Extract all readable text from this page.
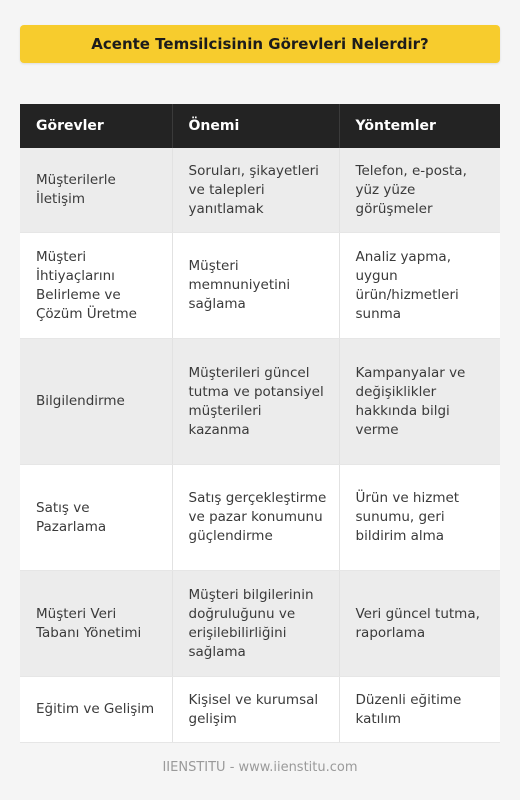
Acente Temsilcisinin Görevleri Nelerdir?
Görevler	Önemi	Yöntemler
Müşterilerle İletişim	Soruları, şikayetleri ve talepleri yanıtlamak	Telefon, e-posta, yüz yüze görüşmeler
Müşteri İhtiyaçlarını Belirleme ve Çözüm Üretme	Müşteri memnuniyetini sağlama	Analiz yapma, uygun ürün/hizmetleri sunma
Bilgilendirme	Müşterileri güncel tutma ve potansiyel müşterileri kazanma	Kampanyalar ve değişiklikler hakkında bilgi verme
Satış ve Pazarlama	Satış gerçekleştirme ve pazar konumunu güçlendirme	Ürün ve hizmet sunumu, geri bildirim alma
Müşteri Veri Tabanı Yönetimi	Müşteri bilgilerinin doğruluğunu ve erişilebilirliğini sağlama	Veri güncel tutma, raporlama
Eğitim ve Gelişim	Kişisel ve kurumsal gelişim	Düzenli eğitime katılım
IIENSTITU - www.iienstitu.com
